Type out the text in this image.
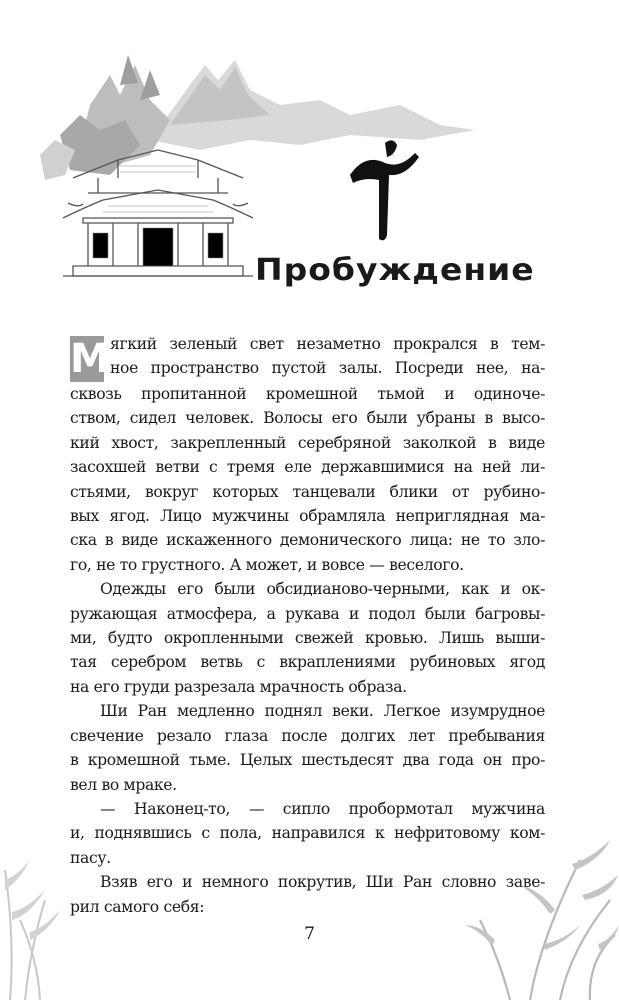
Пробуждение
М ягкий зеленый свет незаметно прокрался в тем-
ное пространство пустой залы. Посреди нее, на-
сквозь пропитанной кромешной тьмой и одиноче-
ством, сидел человек. Волосы его были убраны в высо-
кий хвост, закрепленный серебряной заколкой в виде
засохшей ветви с тремя еле державшимися на ней ли-
стьями, вокруг которых танцевали блики от рубино-
вых ягод. Лицо мужчины обрамляла неприглядная ма-
ска в виде искаженного демонического лица: не то зло-
го, не то грустного. А может, и вовсе — веселого.
Одежды его были обсидианово-черными, как и ок-
ружающая атмосфера, а рукава и подол были багровы-
ми, будто окропленными свежей кровью. Лишь выши-
тая серебром ветвь с вкраплениями рубиновых ягод
на его груди разрезала мрачность образа.
Ши Ран медленно поднял веки. Легкое изумрудное
свечение резало глаза после долгих лет пребывания
в кромешной тьме. Целых шестьдесят два года он про-
вел во мраке.
— Наконец-то, — сипло пробормотал мужчина
и, поднявшись с пола, направился к нефритовому ком-
пасу.
Взяв его и немного покрутив, Ши Ран словно заве-
рил самого себя:
7
